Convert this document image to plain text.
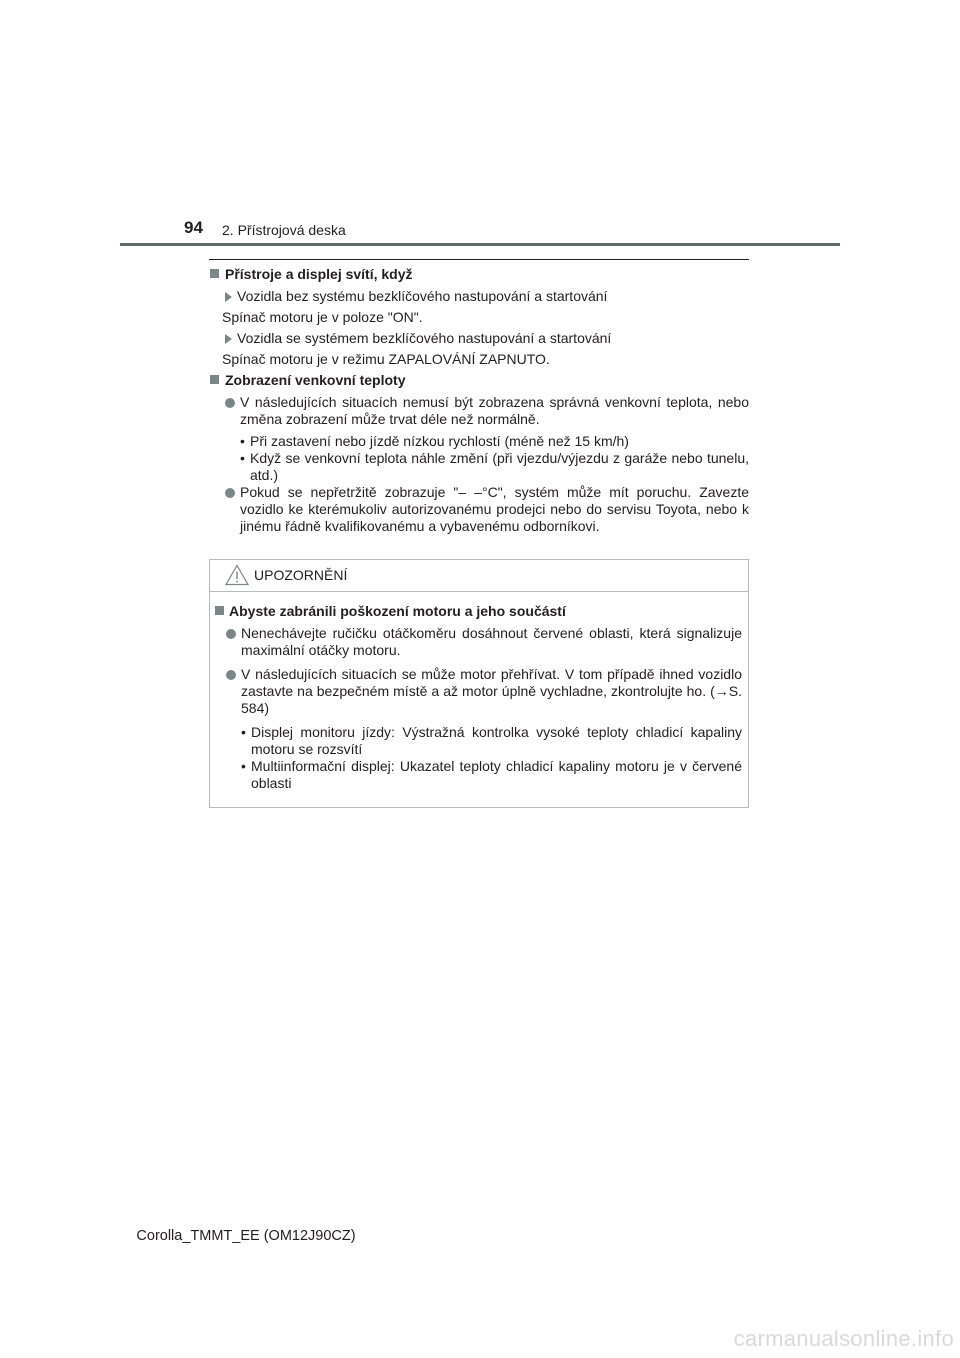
94 2. Přístrojová deska
Přístroje a displej svítí, když
Vozidla bez systému bezklíčového nastupování a startování
Spínač motoru je v poloze "ON".
Vozidla se systémem bezklíčového nastupování a startování
Spínač motoru je v režimu ZAPALOVÁNÍ ZAPNUTO.
Zobrazení venkovní teploty
V následujících situacích nemusí být zobrazena správná venkovní teplota, nebo změna zobrazení může trvat déle než normálně.
• Při zastavení nebo jízdě nízkou rychlostí (méně než 15 km/h)
• Když se venkovní teplota náhle změní (při vjezdu/výjezdu z garáže nebo tunelu, atd.)
Pokud se nepřetržitě zobrazuje "– –°C", systém může mít poruchu. Zavezte vozidlo ke kterémukoliv autorizovanému prodejci nebo do servisu Toyota, nebo k jinému řádně kvalifikovanému a vybavenému odborníkovi.
UPOZORNĚNÍ
Abyste zabránili poškození motoru a jeho součástí
Nenechávejte ručičku otáčkoměru dosáhnout červené oblasti, která signalizuje maximální otáčky motoru.
V následujících situacích se může motor přehřívat. V tom případě ihned vozidlo zastavte na bezpečném místě a až motor úplně vychladne, zkontrolujte ho. (→S. 584)
• Displej monitoru jízdy: Výstražná kontrolka vysoké teploty chladicí kapaliny motoru se rozsvítí
• Multiinformační displej: Ukazatel teploty chladicí kapaliny motoru je v červené oblasti
Corolla_TMMT_EE (OM12J90CZ)
carmanualsonline.info
